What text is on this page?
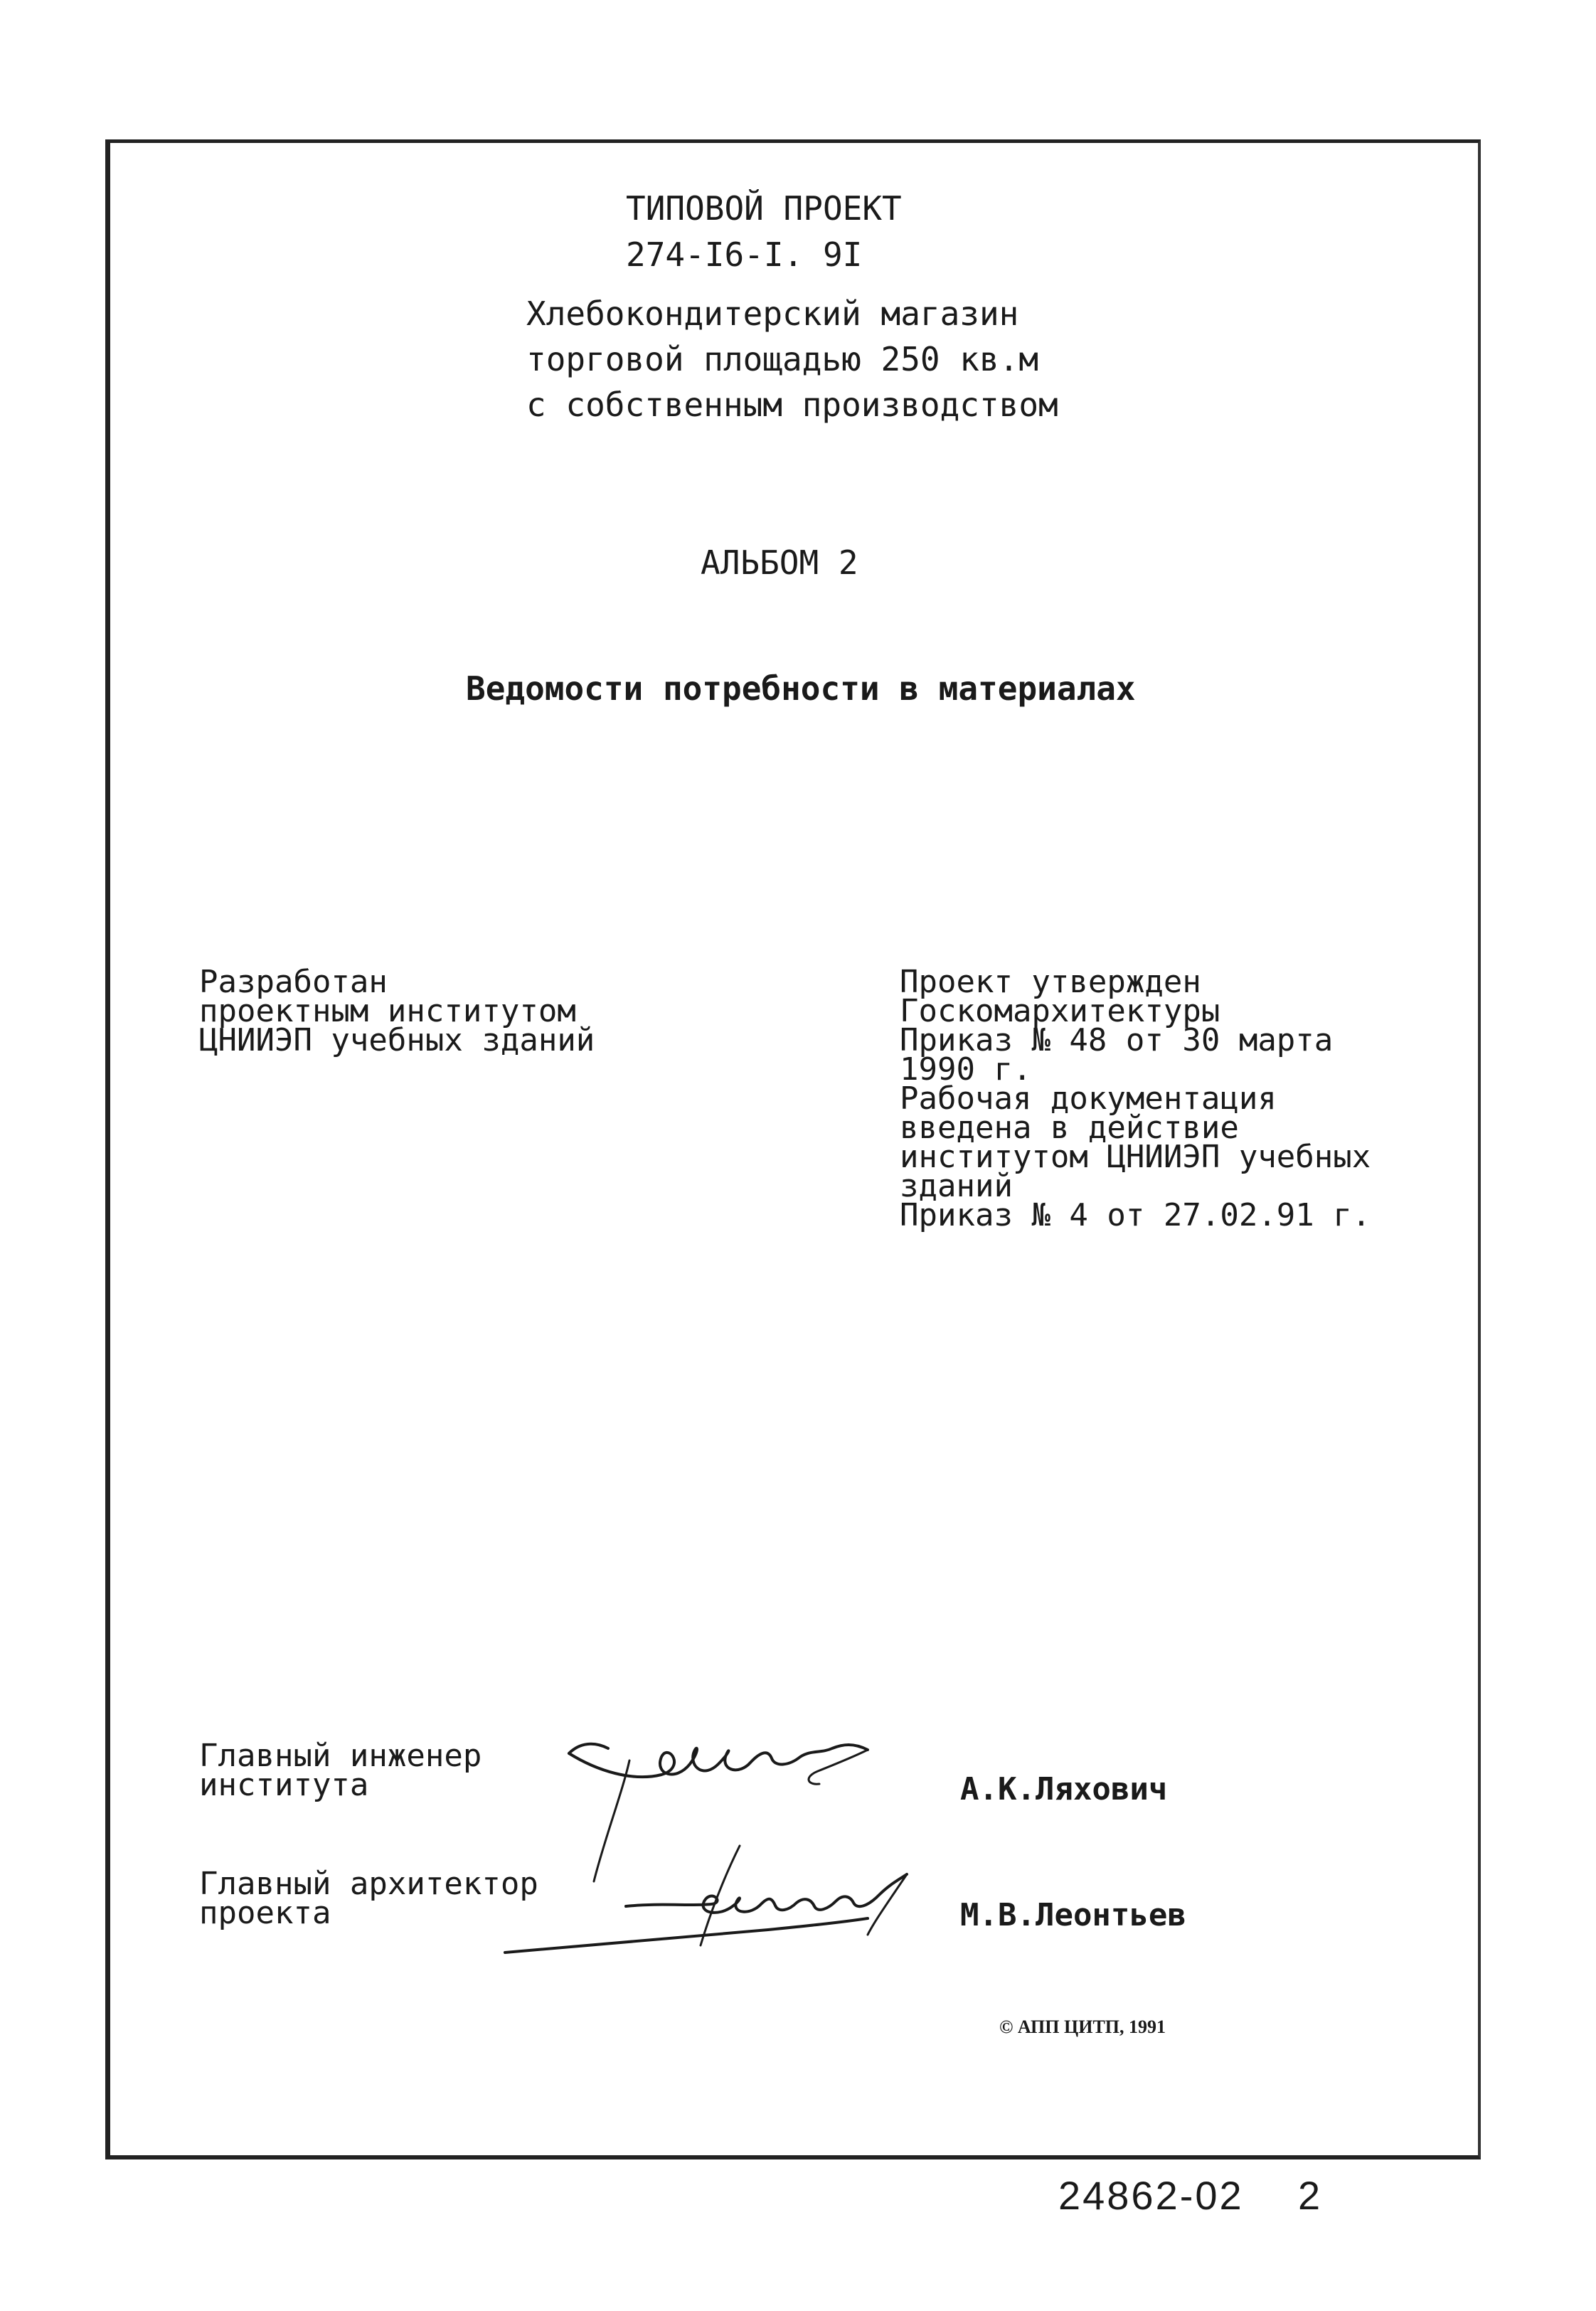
ТИПОВОЙ ПРОЕКТ
274-I6-I. 9I
Хлебокондитерский магазин
торговой площадью 250 кв.м
с собственным производством
АЛЬБОМ 2
Ведомости потребности в материалах
Разработан
проектным институтом
ЦНИИЭП учебных зданий
Проект утвержден
Госкомархитектуры
Приказ № 48 от 30 марта
1990 г.
Рабочая документация
введена в действие
институтом ЦНИИЭП учебных
зданий
Приказ № 4 от 27.02.91 г.
Главный инженер
института	А.К.Ляхович
Главный архитектор
проекта	М.В.Леонтьев
© АПП ЦИТП, 1991
24862-02 2
